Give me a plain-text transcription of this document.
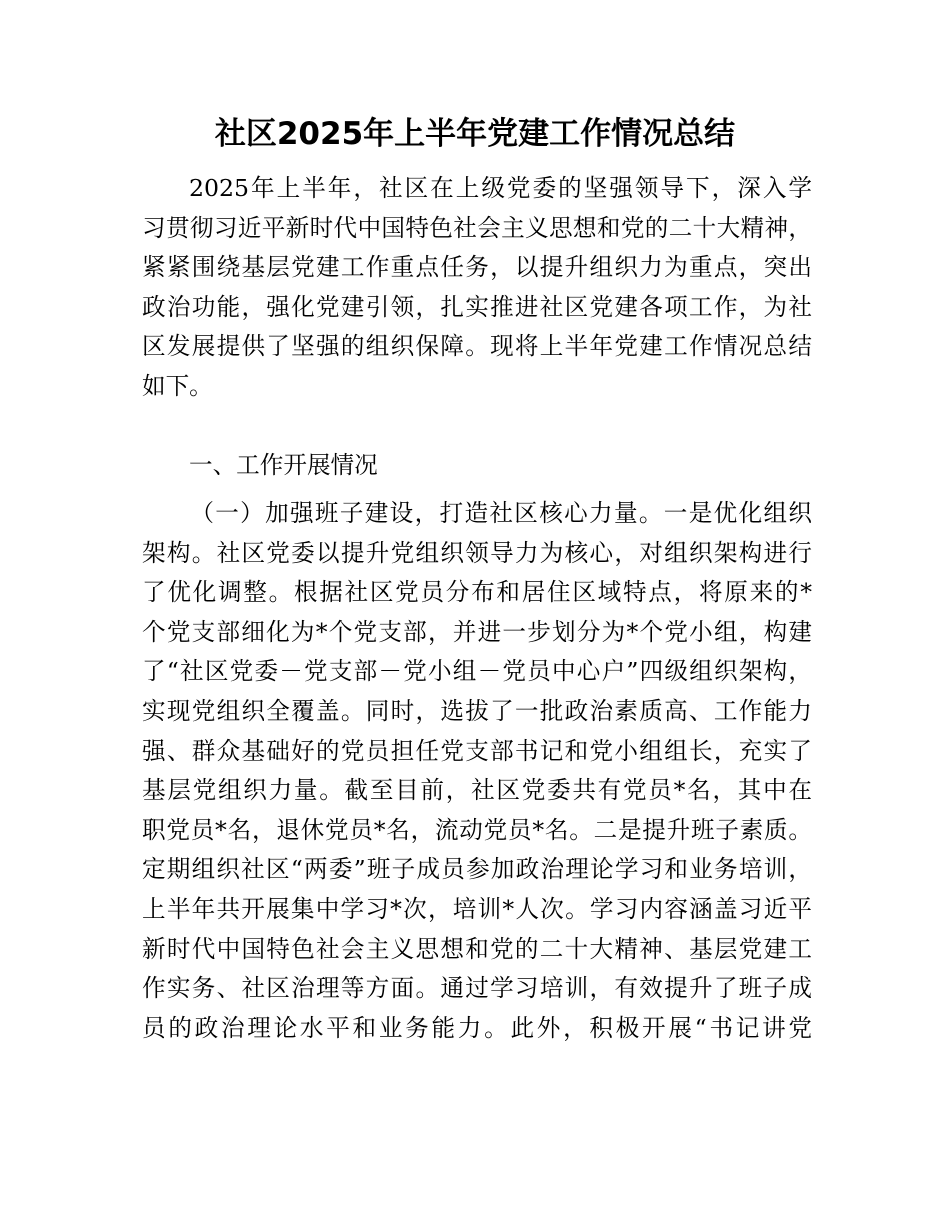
社区2025年上半年党建工作情况总结
2025年上半年，社区在上级党委的坚强领导下，深入学
习贯彻习近平新时代中国特色社会主义思想和党的二十大精神，
紧紧围绕基层党建工作重点任务，以提升组织力为重点，突出
政治功能，强化党建引领，扎实推进社区党建各项工作，为社
区发展提供了坚强的组织保障。现将上半年党建工作情况总结
如下。
一、工作开展情况
（一）加强班子建设，打造社区核心力量。一是优化组织
架构。社区党委以提升党组织领导力为核心，对组织架构进行
了优化调整。根据社区党员分布和居住区域特点，将原来的*
个党支部细化为*个党支部，并进一步划分为*个党小组，构建
了“社区党委－党支部－党小组－党员中心户”四级组织架构，
实现党组织全覆盖。同时，选拔了一批政治素质高、工作能力
强、群众基础好的党员担任党支部书记和党小组组长，充实了
基层党组织力量。截至目前，社区党委共有党员*名，其中在
职党员*名，退休党员*名，流动党员*名。二是提升班子素质。
定期组织社区“两委”班子成员参加政治理论学习和业务培训，
上半年共开展集中学习*次，培训*人次。学习内容涵盖习近平
新时代中国特色社会主义思想和党的二十大精神、基层党建工
作实务、社区治理等方面。通过学习培训，有效提升了班子成
员的政治理论水平和业务能力。此外，积极开展“书记讲党
